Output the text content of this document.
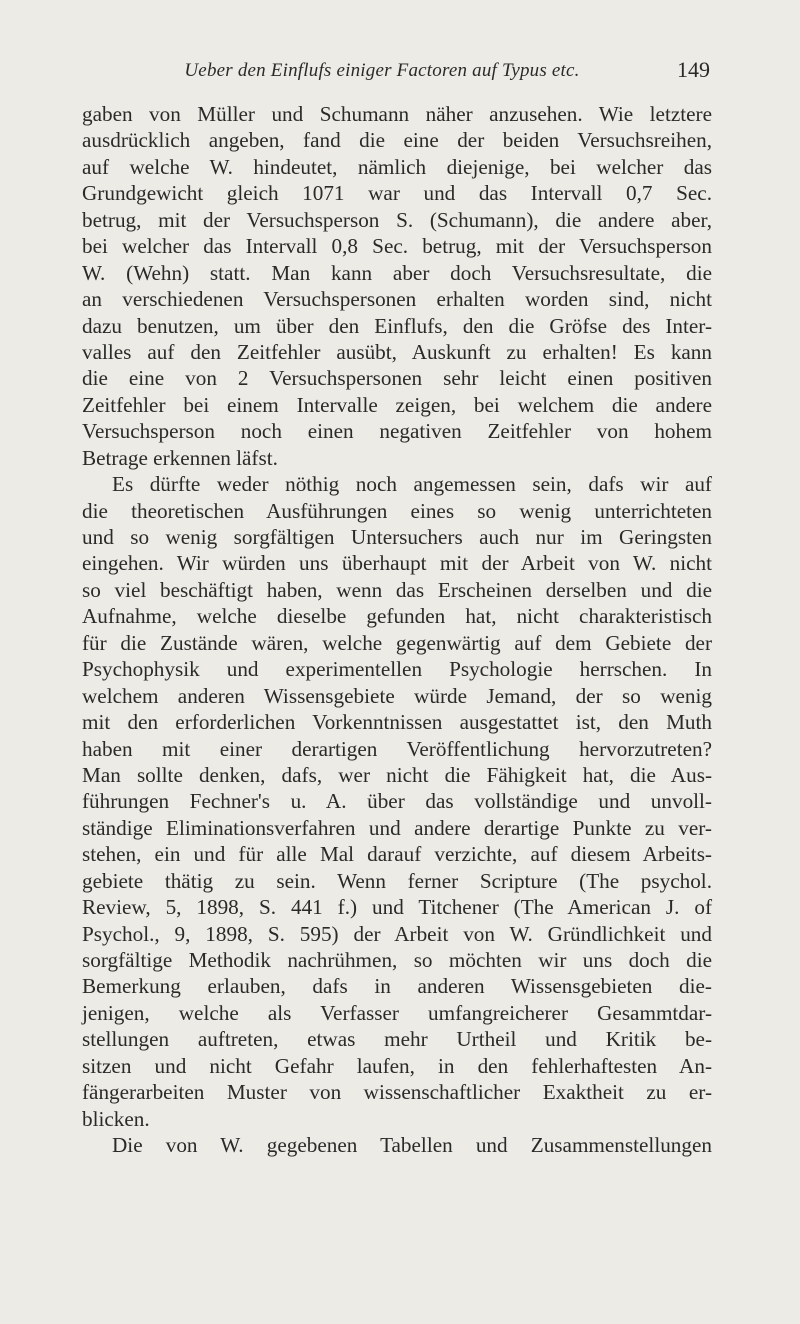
Ueber den Einflufs einiger Factoren auf Typus etc.	149
gaben von Müller und Schumann näher anzusehen. Wie letztere
ausdrücklich angeben, fand die eine der beiden Versuchsreihen,
auf welche W. hindeutet, nämlich diejenige, bei welcher das
Grundgewicht gleich 1071 war und das Intervall 0,7 Sec.
betrug, mit der Versuchsperson S. (Schumann), die andere aber,
bei welcher das Intervall 0,8 Sec. betrug, mit der Versuchsperson
W. (Wehn) statt. Man kann aber doch Versuchsresultate, die
an verschiedenen Versuchspersonen erhalten worden sind, nicht
dazu benutzen, um über den Einflufs, den die Gröfse des Inter-
valles auf den Zeitfehler ausübt, Auskunft zu erhalten! Es kann
die eine von 2 Versuchspersonen sehr leicht einen positiven
Zeitfehler bei einem Intervalle zeigen, bei welchem die andere
Versuchsperson noch einen negativen Zeitfehler von hohem
Betrage erkennen läfst.
Es dürfte weder nöthig noch angemessen sein, dafs wir auf
die theoretischen Ausführungen eines so wenig unterrichteten
und so wenig sorgfältigen Untersuchers auch nur im Geringsten
eingehen. Wir würden uns überhaupt mit der Arbeit von W. nicht
so viel beschäftigt haben, wenn das Erscheinen derselben und die
Aufnahme, welche dieselbe gefunden hat, nicht charakteristisch
für die Zustände wären, welche gegenwärtig auf dem Gebiete der
Psychophysik und experimentellen Psychologie herrschen. In
welchem anderen Wissensgebiete würde Jemand, der so wenig
mit den erforderlichen Vorkenntnissen ausgestattet ist, den Muth
haben mit einer derartigen Veröffentlichung hervorzutreten?
Man sollte denken, dafs, wer nicht die Fähigkeit hat, die Aus-
führungen Fechner's u. A. über das vollständige und unvoll-
ständige Eliminationsverfahren und andere derartige Punkte zu ver-
stehen, ein und für alle Mal darauf verzichte, auf diesem Arbeits-
gebiete thätig zu sein. Wenn ferner Scripture (The psychol.
Review, 5, 1898, S. 441 f.) und Titchener (The American J. of
Psychol., 9, 1898, S. 595) der Arbeit von W. Gründlichkeit und
sorgfältige Methodik nachrühmen, so möchten wir uns doch die
Bemerkung erlauben, dafs in anderen Wissensgebieten die-
jenigen, welche als Verfasser umfangreicherer Gesammtdar-
stellungen auftreten, etwas mehr Urtheil und Kritik be-
sitzen und nicht Gefahr laufen, in den fehlerhaftesten An-
fängerarbeiten Muster von wissenschaftlicher Exaktheit zu er-
blicken.
Die von W. gegebenen Tabellen und Zusammenstellungen
